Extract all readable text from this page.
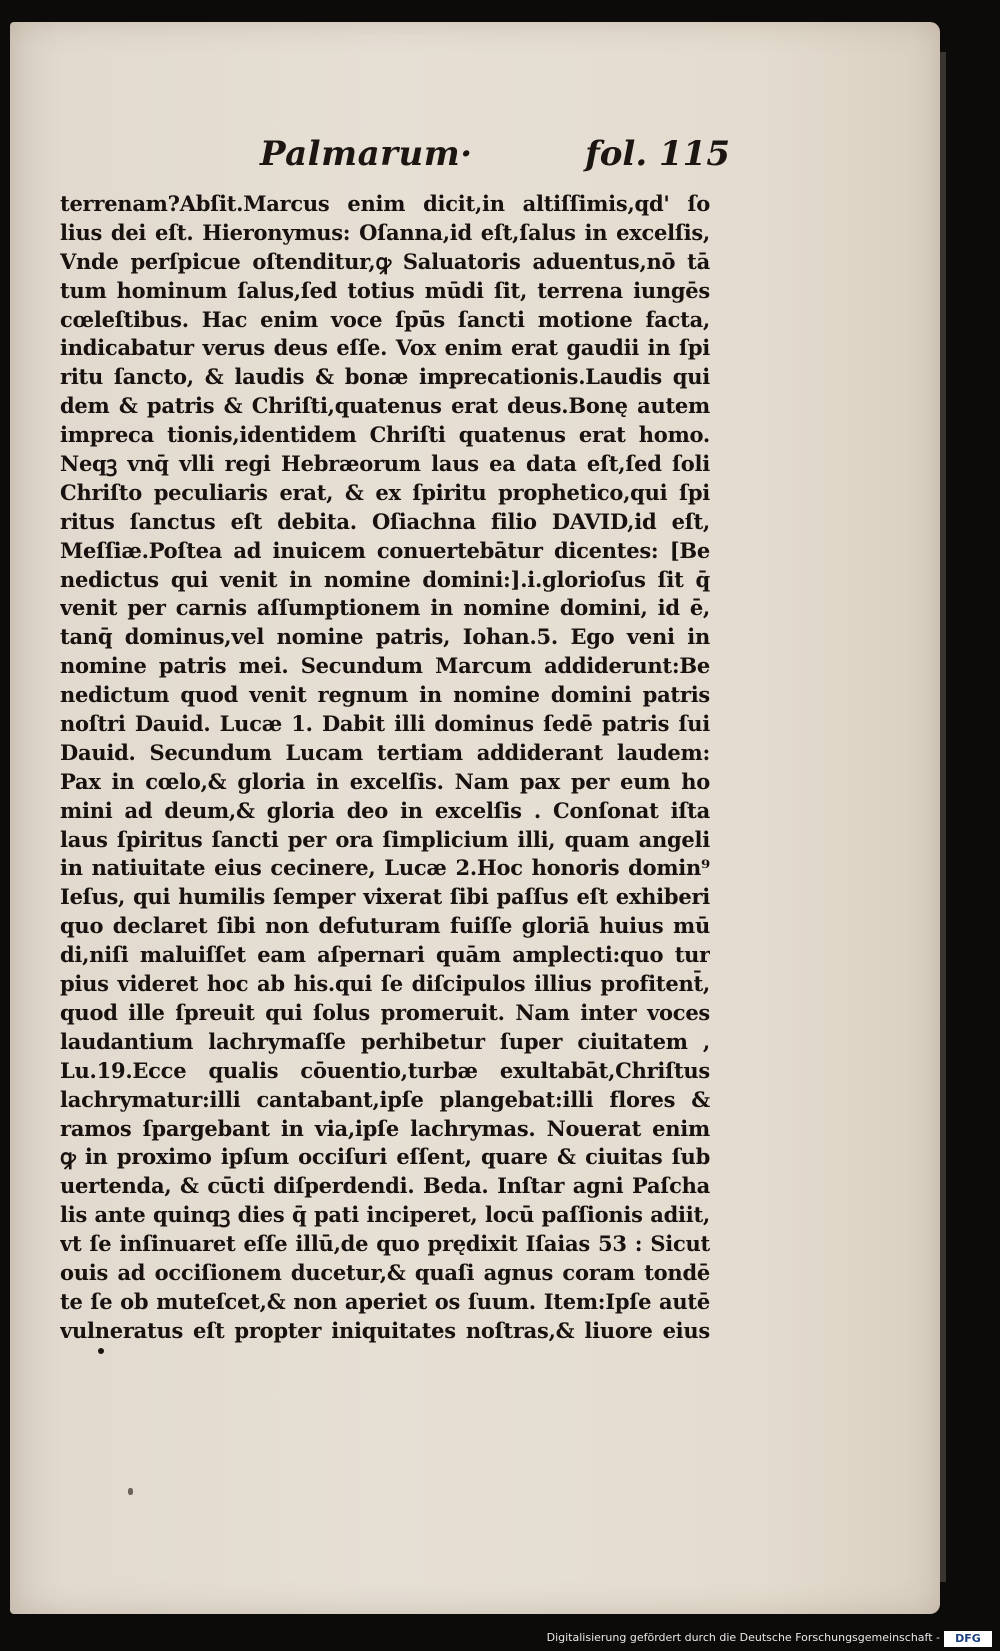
Palmarum·	fol. 115
terrenam?Abſit.Marcus enim dicit,in altiſſimis,qd' ſo
lius dei eſt. Hieronymus: Oſanna,id eſt,ſalus in excelſis,
Vnde perſpicue oſtenditur,ꝙ Saluatoris aduentus,nō tā
tum hominum ſalus,ſed totius mūdi ſit, terrena iungēs
cœleſtibus. Hac enim voce ſpūs ſancti motione facta,
indicabatur verus deus eſſe. Vox enim erat gaudii in ſpi
ritu ſancto, & laudis & bonæ imprecationis.Laudis qui
dem & patris & Chriſti,quatenus erat deus.Bonę autem
impreca tionis,identidem Chriſti quatenus erat homo.
Neqꝫ vnq̄ vlli regi Hebræorum laus ea data eſt,ſed ſoli
Chriſto peculiaris erat, & ex ſpiritu prophetico,qui ſpi
ritus ſanctus eſt debita. Oſiachna filio DAVID,id eſt,
Meſſiæ.Poſtea ad inuicem conuertebātur dicentes: [Be
nedictus qui venit in nomine domini:].i.glorioſus ſit q̄
venit per carnis aſſumptionem in nomine domini, id ē,
tanq̄ dominus,vel nomine patris, Iohan.5. Ego veni in
nomine patris mei. Secundum Marcum addiderunt:Be
nedictum quod venit regnum in nomine domini patris
noſtri Dauid. Lucæ 1. Dabit illi dominus ſedē patris ſui
Dauid. Secundum Lucam tertiam addiderant laudem:
Pax in cœlo,& gloria in excelſis. Nam pax per eum ho
mini ad deum,& gloria deo in excelſis . Conſonat iſta
laus ſpiritus ſancti per ora ſimplicium illi, quam angeli
in natiuitate eius cecinere, Lucæ 2.Hoc honoris domin⁹
Ieſus, qui humilis ſemper vixerat ſibi paſſus eſt exhiberi
quo declaret ſibi non defuturam fuiſſe gloriā huius mū
di,niſi maluiſſet eam aſpernari quām amplecti:quo tur
pius videret hoc ab his.qui ſe diſcipulos illius profitent̄,
quod ille ſpreuit qui ſolus promeruit. Nam inter voces
laudantium lachrymaſſe perhibetur ſuper ciuitatem ,
Lu.19.Ecce qualis cōuentio,turbæ exultabāt,Chriſtus
lachrymatur:illi cantabant,ipſe plangebat:illi flores &
ramos ſpargebant in via,ipſe lachrymas. Nouerat enim
ꝙ in proximo ipſum occiſuri eſſent, quare & ciuitas ſub
uertenda, & cūcti diſperdendi. Beda. Inſtar agni Paſcha
lis ante quinqꝫ dies q̄ pati inciperet, locū paſſionis adiit,
vt ſe inſinuaret eſſe illū,de quo prędixit Iſaias 53 : Sicut
ouis ad occiſionem ducetur,& quaſi agnus coram tondē
te ſe ob muteſcet,& non aperiet os ſuum. Item:Ipſe autē
vulneratus eſt propter iniquitates noſtras,& liuore eius
Digitalisierung gefördert durch die Deutsche Forschungsgemeinschaft -	DFG
